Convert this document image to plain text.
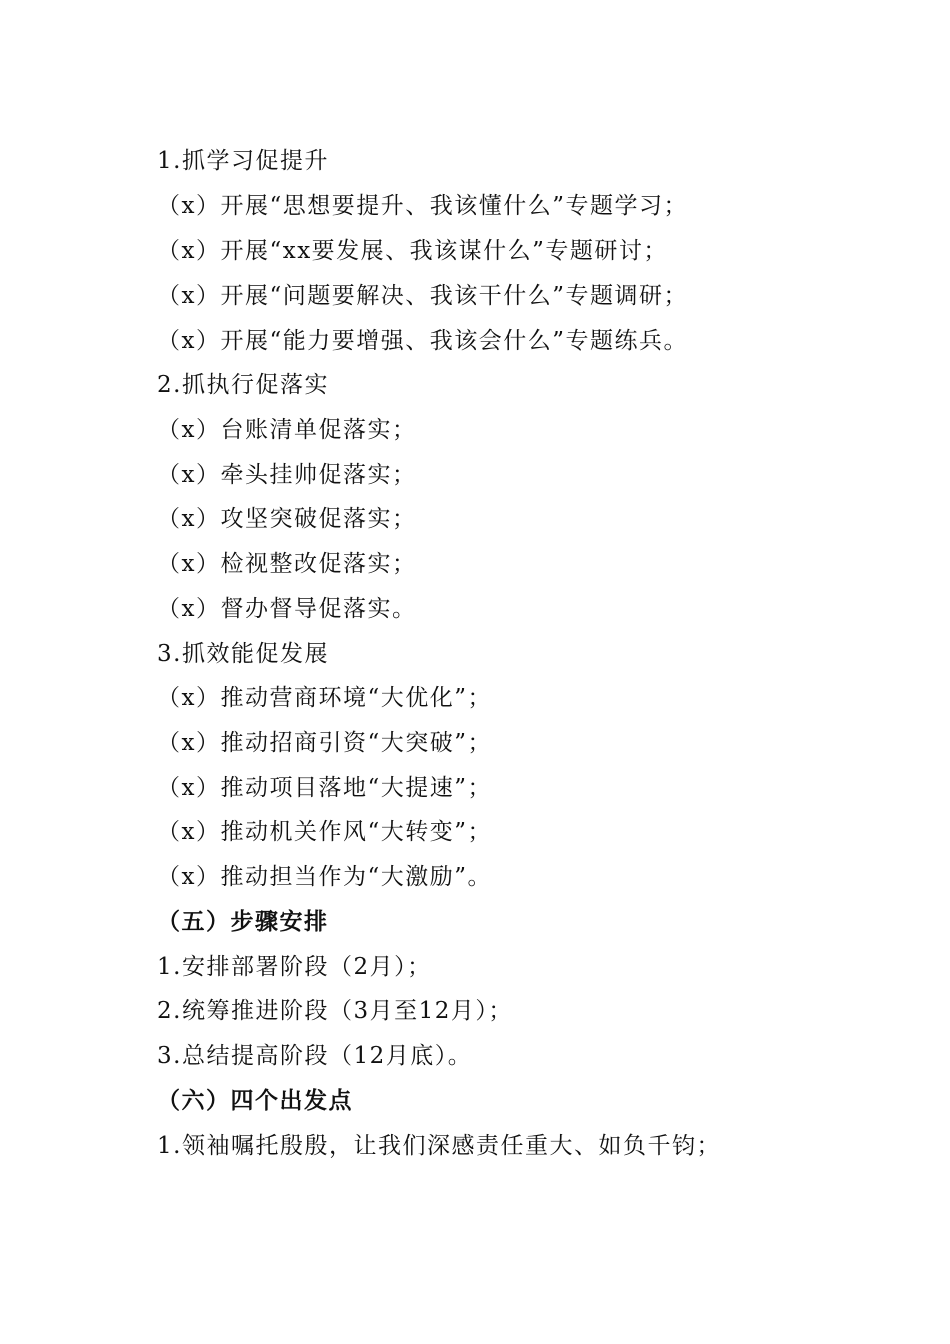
1.抓学习促提升

（x）开展“思想要提升、我该懂什么”专题学习；

（x）开展“xx要发展、我该谋什么”专题研讨；

（x）开展“问题要解决、我该干什么”专题调研；

（x）开展“能力要增强、我该会什么”专题练兵。

2.抓执行促落实

（x）台账清单促落实；

（x）牵头挂帅促落实；

（x）攻坚突破促落实；

（x）检视整改促落实；

（x）督办督导促落实。

3.抓效能促发展

（x）推动营商环境“大优化”；

（x）推动招商引资“大突破”；

（x）推动项目落地“大提速”；

（x）推动机关作风“大转变”；

（x）推动担当作为“大激励”。

（五）步骤安排

1.安排部署阶段（2月）；

2.统筹推进阶段（3月至12月）；

3.总结提高阶段（12月底）。

（六）四个出发点

1.领袖嘱托殷殷，让我们深感责任重大、如负千钧；
